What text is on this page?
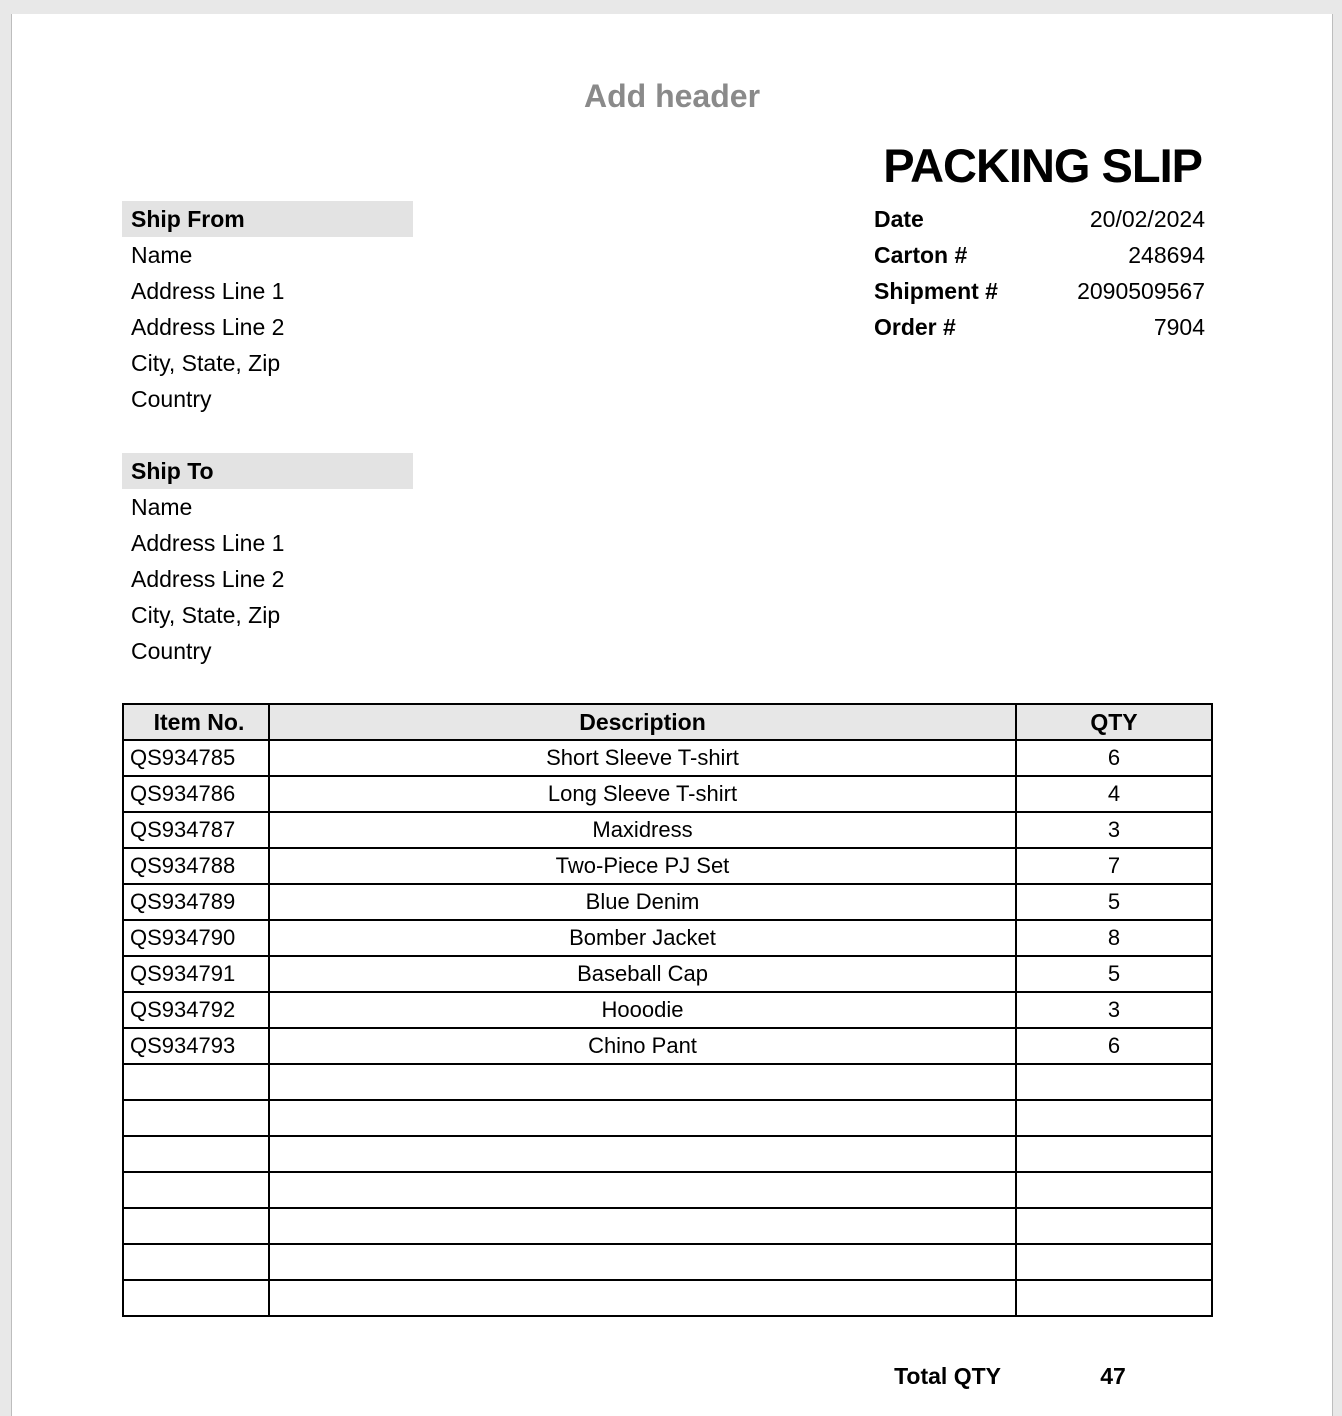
Add header
PACKING SLIP
Ship From
Name
Address Line 1
Address Line 2
City, State, Zip
Country
Date	20/02/2024
Carton #	248694
Shipment #	2090509567
Order #	7904
Ship To
Name
Address Line 1
Address Line 2
City, State, Zip
Country
Item No.	Description	QTY
QS934785	Short Sleeve T-shirt	6
QS934786	Long Sleeve T-shirt	4
QS934787	Maxidress	3
QS934788	Two-Piece PJ Set	7
QS934789	Blue Denim	5
QS934790	Bomber Jacket	8
QS934791	Baseball Cap	5
QS934792	Hooodie	3
QS934793	Chino Pant	6

Total QTY	47
